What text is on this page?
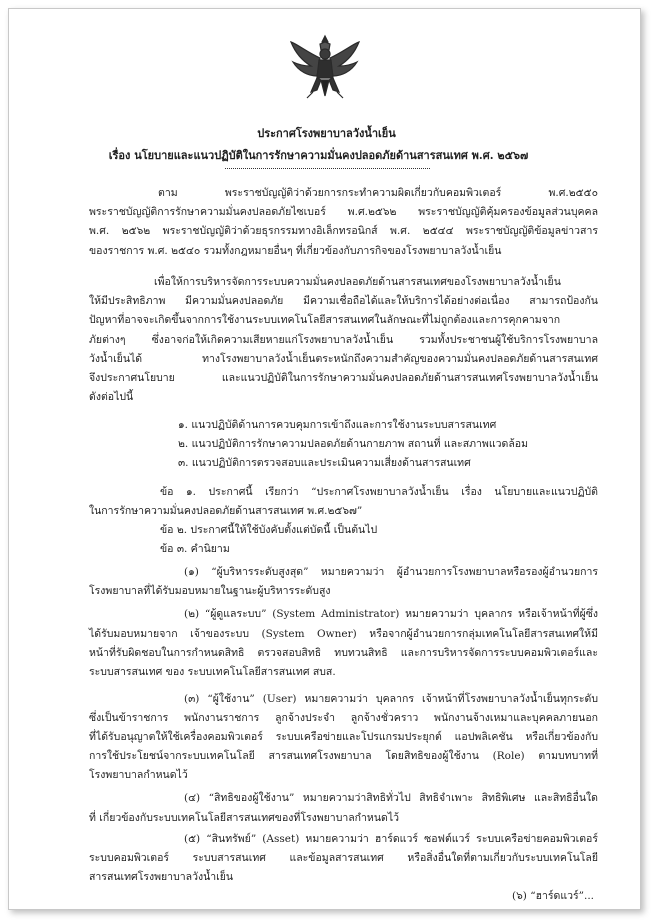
ประกาศโรงพยาบาลวังน้ำเย็น
เรื่อง นโยบายและแนวปฏิบัติในการรักษาความมั่นคงปลอดภัยด้านสารสนเทศ พ.ศ. ๒๕๖๗
ตาม พระราชบัญญัติว่าด้วยการกระทำความผิดเกี่ยวกับคอมพิวเตอร์ พ.ศ.๒๕๕๐
พระราชบัญญัติการรักษาความมั่นคงปลอดภัยไซเบอร์ พ.ศ.๒๕๖๒ พระราชบัญญัติคุ้มครองข้อมูลส่วนบุคคล
พ.ศ. ๒๕๖๒ พระราชบัญญัติว่าด้วยธุรกรรมทางอิเล็กทรอนิกส์ พ.ศ. ๒๕๔๔ พระราชบัญญัติข้อมูลข่าวสาร
ของราชการ พ.ศ. ๒๕๔๐ รวมทั้งกฎหมายอื่นๆ ที่เกี่ยวข้องกับภารกิจของโรงพยาบาลวังน้ำเย็น
เพื่อให้การบริหารจัดการระบบความมั่นคงปลอดภัยด้านสารสนเทศของโรงพยาบาลวังน้ำเย็น
ให้มีประสิทธิภาพ มีความมั่นคงปลอดภัย มีความเชื่อถือได้และให้บริการได้อย่างต่อเนื่อง สามารถป้องกัน
ปัญหาที่อาจจะเกิดขึ้นจากการใช้งานระบบเทคโนโลยีสารสนเทศในลักษณะที่ไม่ถูกต้องและการคุกคามจาก
ภัยต่างๆ ซึ่งอาจก่อให้เกิดความเสียหายแก่โรงพยาบาลวังน้ำเย็น รวมทั้งประชาชนผู้ใช้บริการโรงพยาบาล
วังน้ำเย็นได้ ทางโรงพยาบาลวังน้ำเย็นตระหนักถึงความสำคัญของความมั่นคงปลอดภัยด้านสารสนเทศ
จึงประกาศนโยบาย และแนวปฏิบัติในการรักษาความมั่นคงปลอดภัยด้านสารสนเทศโรงพยาบาลวังน้ำเย็น
ดังต่อไปนี้
๑. แนวปฏิบัติด้านการควบคุมการเข้าถึงและการใช้งานระบบสารสนเทศ
๒. แนวปฏิบัติการรักษาความปลอดภัยด้านกายภาพ สถานที่ และสภาพแวดล้อม
๓. แนวปฏิบัติการตรวจสอบและประเมินความเสี่ยงด้านสารสนเทศ
ข้อ ๑. ประกาศนี้ เรียกว่า “ประกาศโรงพยาบาลวังน้ำเย็น เรื่อง นโยบายและแนวปฏิบัติ
ในการรักษาความมั่นคงปลอดภัยด้านสารสนเทศ พ.ศ.๒๕๖๗”
ข้อ ๒. ประกาศนี้ให้ใช้บังคับตั้งแต่บัดนี้ เป็นต้นไป
ข้อ ๓. คำนิยาม
(๑) “ผู้บริหารระดับสูงสุด” หมายความว่า ผู้อำนวยการโรงพยาบาลหรือรองผู้อำนวยการ
โรงพยาบาลที่ได้รับมอบหมายในฐานะผู้บริหารระดับสูง
(๒) “ผู้ดูแลระบบ” (System Administrator) หมายความว่า บุคลากร หรือเจ้าหน้าที่ผู้ซึ่ง
ได้รับมอบหมายจาก เจ้าของระบบ (System Owner) หรือจากผู้อำนวยการกลุ่มเทคโนโลยีสารสนเทศให้มี
หน้าที่รับผิดชอบในการกำหนดสิทธิ ตรวจสอบสิทธิ ทบทวนสิทธิ และการบริหารจัดการระบบคอมพิวเตอร์และ
ระบบสารสนเทศ ของ ระบบเทคโนโลยีสารสนเทศ สบส.
(๓) “ผู้ใช้งาน” (User) หมายความว่า บุคลากร เจ้าหน้าที่โรงพยาบาลวังน้ำเย็นทุกระดับ
ซึ่งเป็นข้าราชการ พนักงานราชการ ลูกจ้างประจำ ลูกจ้างชั่วคราว พนักงานจ้างเหมาและบุคคลภายนอก
ที่ได้รับอนุญาตให้ใช้เครื่องคอมพิวเตอร์ ระบบเครือข่ายและโปรแกรมประยุกต์ แอปพลิเคชัน หรือเกี่ยวข้องกับ
การใช้ประโยชน์จากระบบเทคโนโลยี สารสนเทศโรงพยาบาล โดยสิทธิของผู้ใช้งาน (Role) ตามบทบาทที่
โรงพยาบาลกำหนดไว้
(๔) “สิทธิของผู้ใช้งาน” หมายความว่าสิทธิทั่วไป สิทธิจำเพาะ สิทธิพิเศษ และสิทธิอื่นใด
ที่ เกี่ยวข้องกับระบบเทคโนโลยีสารสนเทศของที่โรงพยาบาลกำหนดไว้
(๕) “สินทรัพย์” (Asset) หมายความว่า ฮาร์ดแวร์ ซอฟต์แวร์ ระบบเครือข่ายคอมพิวเตอร์
ระบบคอมพิวเตอร์ ระบบสารสนเทศ และข้อมูลสารสนเทศ หรือสิ่งอื่นใดที่ตามเกี่ยวกับระบบเทคโนโลยี
สารสนเทศโรงพยาบาลวังน้ำเย็น
(๖) “ฮาร์ดแวร์”...
